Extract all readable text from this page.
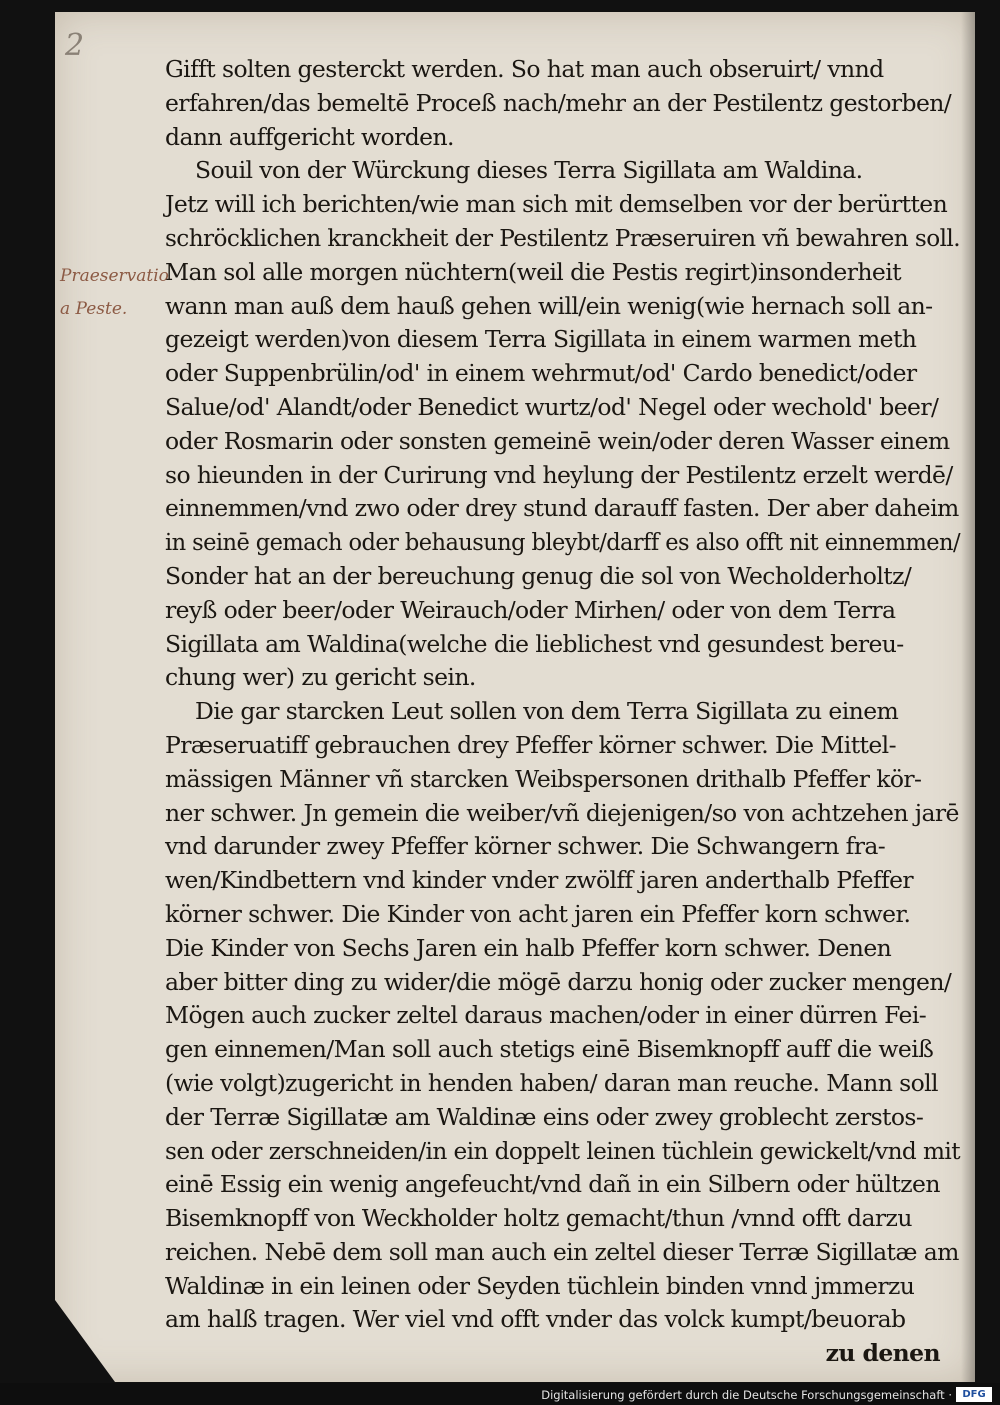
2
Praeservatio
a Peste.
Gifft solten gesterckt werden. So hat man auch obseruirt/ vnnd
erfahren/das bemeltē Proceß nach/mehr an der Pestilentz gestorben/
dann auffgericht worden.
Souil von der Würckung dieses Terra Sigillata am Waldina.
Jetz will ich berichten/wie man sich mit demselben vor der berürtten
schröcklichen kranckheit der Pestilentz Præseruiren vñ bewahren soll.
Man sol alle morgen nüchtern(weil die Pestis regirt)insonderheit
wann man auß dem hauß gehen will/ein wenig(wie hernach soll an-
gezeigt werden)von diesem Terra Sigillata in einem warmen meth
oder Suppenbrülin/od' in einem wehrmut/od' Cardo benedict/oder
Salue/od' Alandt/oder Benedict wurtz/od' Negel oder wechold' beer/
oder Rosmarin oder sonsten gemeinē wein/oder deren Wasser einem
so hieunden in der Curirung vnd heylung der Pestilentz erzelt werdē/
einnemmen/vnd zwo oder drey stund darauff fasten. Der aber daheim
in seinē gemach oder behausung bleybt/darff es also offt nit einnemmen/
Sonder hat an der bereuchung genug die sol von Wecholderholtz/
reyß oder beer/oder Weirauch/oder Mirhen/ oder von dem Terra
Sigillata am Waldina(welche die lieblichest vnd gesundest bereu-
chung wer) zu gericht sein.
Die gar starcken Leut sollen von dem Terra Sigillata zu einem
Præseruatiff gebrauchen drey Pfeffer körner schwer. Die Mittel-
mässigen Männer vñ starcken Weibspersonen drithalb Pfeffer kör-
ner schwer. Jn gemein die weiber/vñ diejenigen/so von achtzehen jarē
vnd darunder zwey Pfeffer körner schwer. Die Schwangern fra-
wen/Kindbettern vnd kinder vnder zwölff jaren anderthalb Pfeffer
körner schwer. Die Kinder von acht jaren ein Pfeffer korn schwer.
Die Kinder von Sechs Jaren ein halb Pfeffer korn schwer. Denen
aber bitter ding zu wider/die mögē darzu honig oder zucker mengen/
Mögen auch zucker zeltel daraus machen/oder in einer dürren Fei-
gen einnemen/Man soll auch stetigs einē Bisemknopff auff die weiß
(wie volgt)zugericht in henden haben/ daran man reuche. Mann soll
der Terræ Sigillatæ am Waldinæ eins oder zwey groblecht zerstos-
sen oder zerschneiden/in ein doppelt leinen tüchlein gewickelt/vnd mit
einē Essig ein wenig angefeucht/vnd dañ in ein Silbern oder hültzen
Bisemknopff von Weckholder holtz gemacht/thun /vnnd offt darzu
reichen. Nebē dem soll man auch ein zeltel dieser Terræ Sigillatæ am
Waldinæ in ein leinen oder Seyden tüchlein binden vnnd jmmerzu
am halß tragen. Wer viel vnd offt vnder das volck kumpt/beuorab
zu denen
Digitalisierung gefördert durch die Deutsche Forschungsgemeinschaft ·	DFG
